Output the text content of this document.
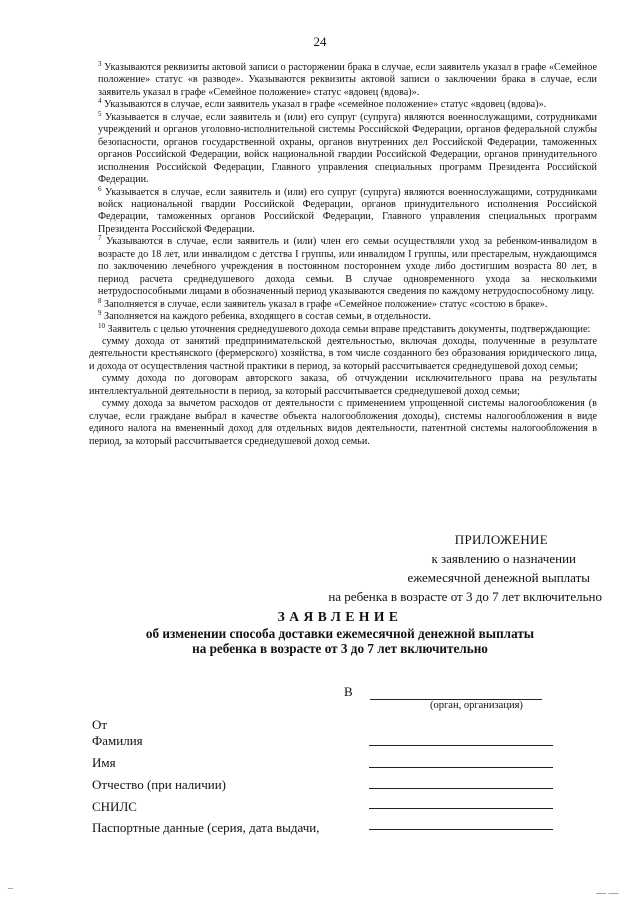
24

$^3$ Указываются реквизиты актовой записи о расторжении брака в случае, если заявитель указал в графе «Семейное положение» статус «в разводе». Указываются реквизиты актовой записи о заключении брака в случае, если заявитель указал в графе «Семейное положение» статус «вдовец (вдова)».

$^4$ Указываются в случае, если заявитель указал в графе «семейное положение» статус «вдовец (вдова)».

$^5$ Указывается в случае, если заявитель и (или) его супруг (супруга) являются военнослужащими, сотрудниками учреждений и органов уголовно-исполнительной системы Российской Федерации, органов федеральной службы безопасности, органов государственной охраны, органов внутренних дел Российской Федерации, таможенных органов Российской Федерации, войск национальной гвардии Российской Федерации, органов принудительного исполнения Российской Федерации, Главного управления специальных программ Президента Российской Федерации.

$^6$ Указывается в случае, если заявитель и (или) его супруг (супруга) являются военнослужащими, сотрудниками войск национальной гвардии Российской Федерации, органов принудительного исполнения Российской Федерации, таможенных органов Российской Федерации, Главного управления специальных программ Президента Российской Федерации.

$^7$ Указываются в случае, если заявитель и (или) член его семьи осуществляли уход за ребенком-инвалидом в возрасте до 18 лет, или инвалидом с детства I группы, или инвалидом I группы, или престарелым, нуждающимся по заключению лечебного учреждения в постоянном постороннем уходе либо достигшим возраста 80 лет, в период расчета среднедушевого дохода семьи. В случае одновременного ухода за несколькими нетрудоспособными лицами в обозначенный период указываются сведения по каждому нетрудоспособному лицу.

$^8$ Заполняется в случае, если заявитель указал в графе «Семейное положение» статус «состою в браке».

$^9$ Заполняется на каждого ребенка, входящего в состав семьи, в отдельности.

$^{10}$ Заявитель с целью уточнения среднедушевого дохода семьи вправе представить документы, подтверждающие:

сумму дохода от занятий предпринимательской деятельностью, включая доходы, полученные в результате деятельности крестьянского (фермерского) хозяйства, в том числе созданного без образования юридического лица, и дохода от осуществления частной практики в период, за который рассчитывается среднедушевой доход семьи;

сумму дохода по договорам авторского заказа, об отчуждении исключительного права на результаты интеллектуальной деятельности в период, за который рассчитывается среднедушевой доход семьи;

сумму дохода за вычетом расходов от деятельности с применением упрощенной системы налогообложения (в случае, если граждане выбрал в качестве объекта налогообложения доходы), системы налогообложения в виде единого налога на вмененный доход для отдельных видов деятельности, патентной системы налогообложения в период, за который рассчитывается среднедушевой доход семьи.

ПРИЛОЖЕНИЕ
к заявлению о назначении
ежемесячной денежной выплаты
на ребенка в возрасте от 3 до 7 лет включительно
ЗАЯВЛЕНИЕ
об изменении способа доставки ежемесячной денежной выплаты
на ребенка в возрасте от 3 до 7 лет включительно
В
(орган, организация)
От
Фамилия
Имя
Отчество (при наличии)
СНИЛС
Паспортные данные (серия, дата выдачи,
¯	— —
